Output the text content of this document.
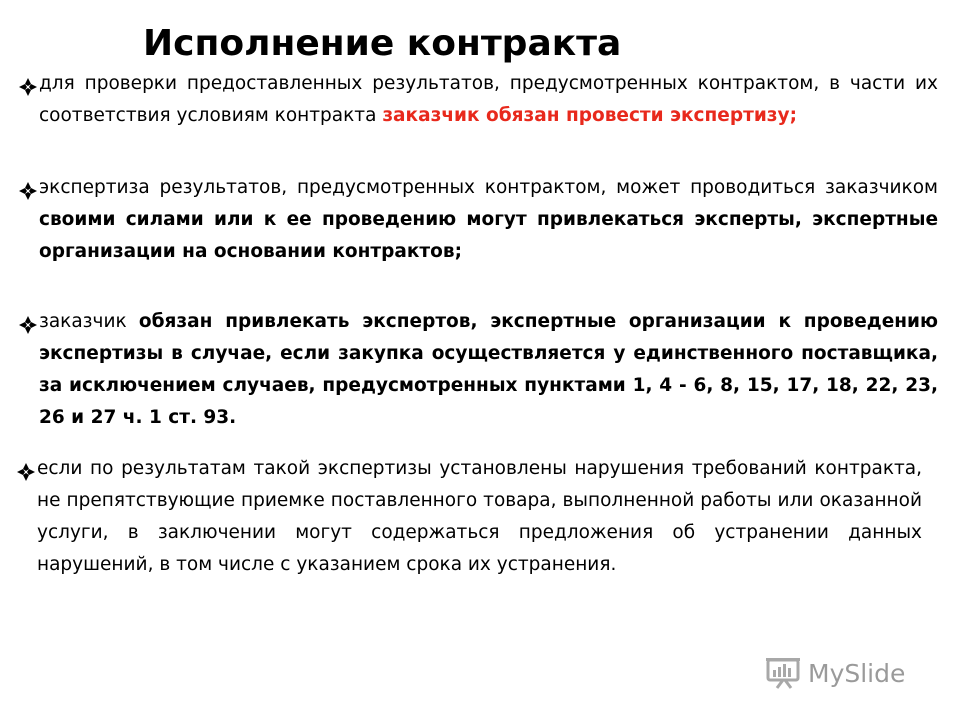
Исполнение контракта
для проверки предоставленных результатов, предусмотренных контрактом, в части их соответствия условиям контракта заказчик обязан провести экспертизу;
экспертиза результатов, предусмотренных контрактом, может проводиться заказчиком своими силами или к ее проведению могут привлекаться эксперты, экспертные организации на основании контрактов;
заказчик обязан привлекать экспертов, экспертные организации к проведению экспертизы в случае, если закупка осуществляется у единственного поставщика, за исключением случаев, предусмотренных пунктами 1, 4 - 6, 8, 15, 17, 18, 22, 23, 26 и 27 ч. 1 ст. 93.
если по результатам такой экспертизы установлены нарушения требований контракта, не препятствующие приемке поставленного товара, выполненной работы или оказанной услуги, в заключении могут содержаться предложения об устранении данных нарушений, в том числе с указанием срока их устранения.
MySlide
